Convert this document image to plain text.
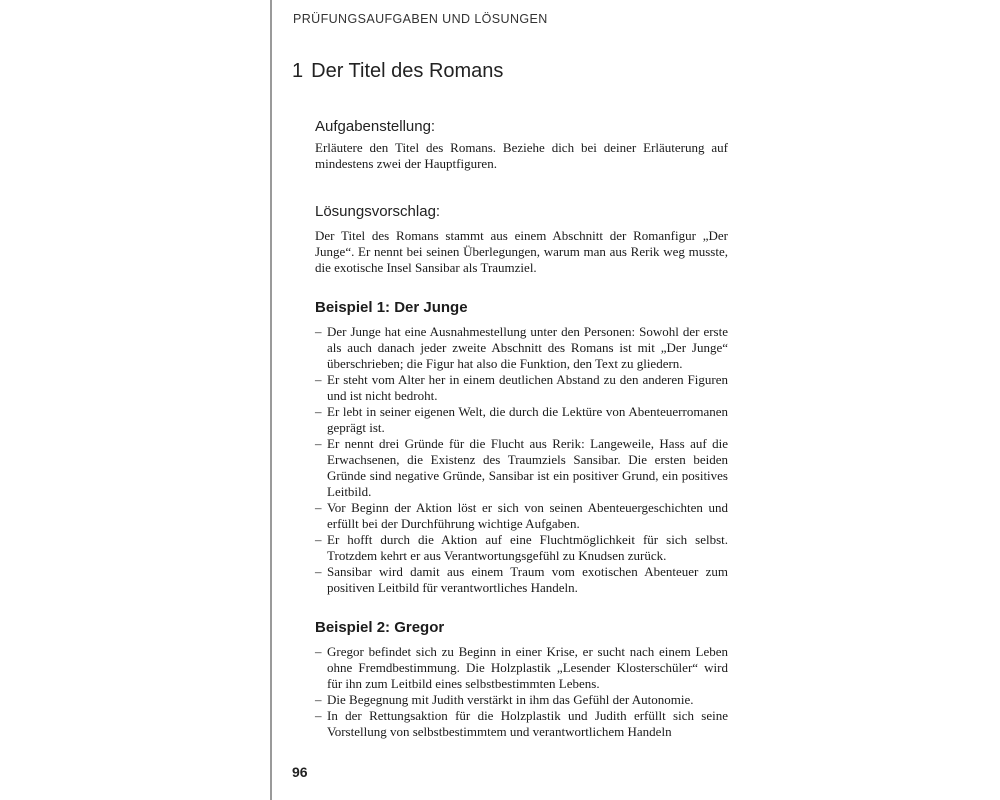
PRÜFUNGSAUFGABEN UND LÖSUNGEN
1 Der Titel des Romans
Aufgabenstellung:

Erläutere den Titel des Romans. Beziehe dich bei deiner Erläuterung auf mindestens zwei der Hauptfiguren.

Lösungsvorschlag:

Der Titel des Romans stammt aus einem Abschnitt der Romanfigur „Der Junge“. Er nennt bei seinen Überlegungen, warum man aus Rerik weg musste, die exotische Insel Sansibar als Traumziel.

Beispiel 1: Der Junge
– Der Junge hat eine Ausnahmestellung unter den Personen: Sowohl der erste als auch danach jeder zweite Abschnitt des Romans ist mit „Der Junge“ überschrieben; die Figur hat also die Funktion, den Text zu gliedern.
– Er steht vom Alter her in einem deutlichen Abstand zu den anderen Figuren und ist nicht bedroht.
– Er lebt in seiner eigenen Welt, die durch die Lektüre von Abenteuerromanen geprägt ist.
– Er nennt drei Gründe für die Flucht aus Rerik: Langeweile, Hass auf die Erwachsenen, die Existenz des Traumziels Sansibar. Die ersten beiden Gründe sind negative Gründe, Sansibar ist ein positiver Grund, ein positives Leitbild.
– Vor Beginn der Aktion löst er sich von seinen Abenteuergeschichten und erfüllt bei der Durchführung wichtige Aufgaben.
– Er hofft durch die Aktion auf eine Fluchtmöglichkeit für sich selbst. Trotzdem kehrt er aus Verantwortungsgefühl zu Knudsen zurück.
– Sansibar wird damit aus einem Traum vom exotischen Abenteuer zum positiven Leitbild für verantwortliches Handeln.
Beispiel 2: Gregor
– Gregor befindet sich zu Beginn in einer Krise, er sucht nach einem Leben ohne Fremdbestimmung. Die Holzplastik „Lesender Klosterschüler“ wird für ihn zum Leitbild eines selbstbestimmten Lebens.
– Die Begegnung mit Judith verstärkt in ihm das Gefühl der Autonomie.
– In der Rettungsaktion für die Holzplastik und Judith erfüllt sich seine Vorstellung von selbstbestimmtem und verantwortlichem Handeln
96
